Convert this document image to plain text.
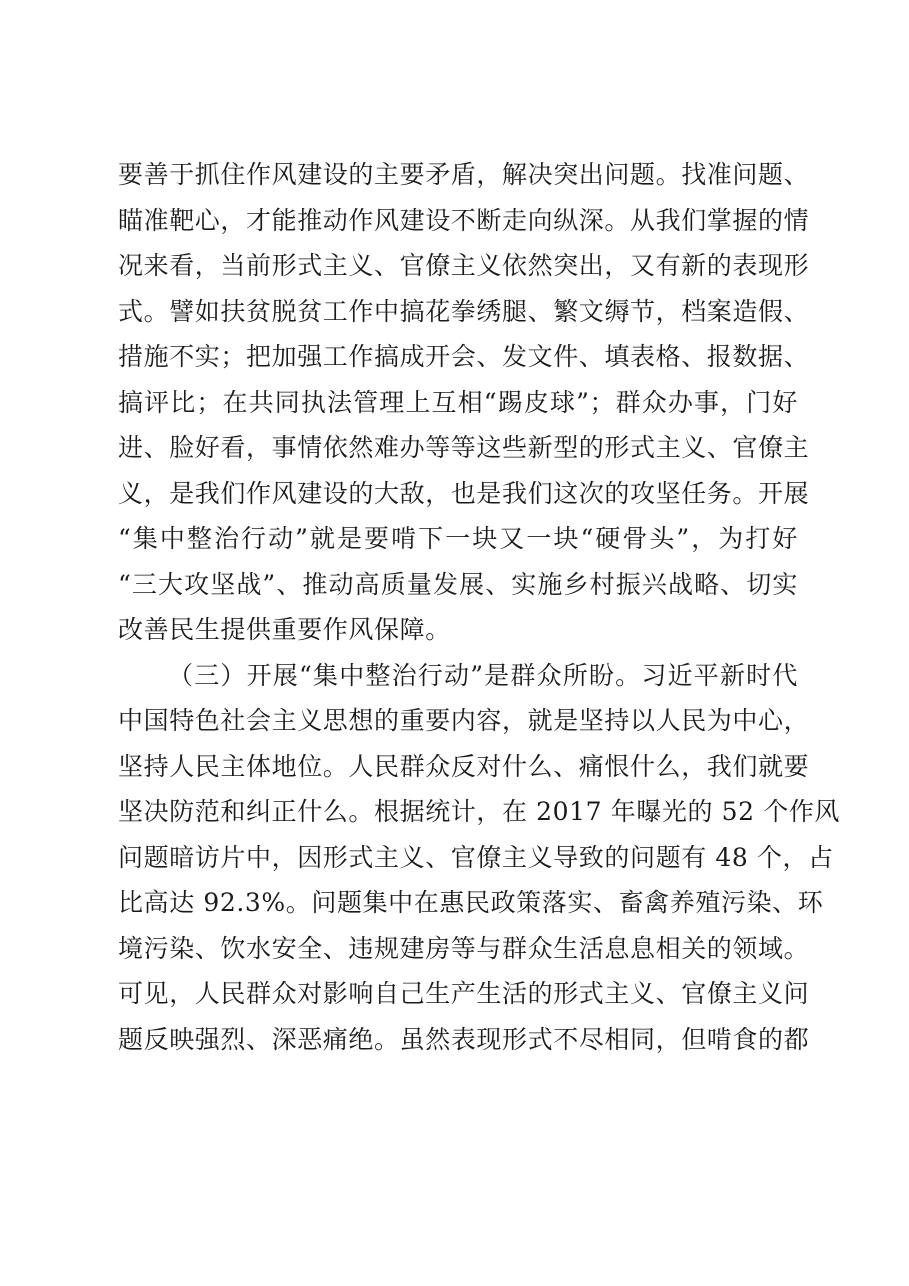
要善于抓住作风建设的主要矛盾，解决突出问题。找准问题、
瞄准靶心，才能推动作风建设不断走向纵深。从我们掌握的情
况来看，当前形式主义、官僚主义依然突出，又有新的表现形
式。譬如扶贫脱贫工作中搞花拳绣腿、繁文缛节，档案造假、
措施不实；把加强工作搞成开会、发文件、填表格、报数据、
搞评比；在共同执法管理上互相“踢皮球”；群众办事，门好
进、脸好看，事情依然难办等等这些新型的形式主义、官僚主
义，是我们作风建设的大敌，也是我们这次的攻坚任务。开展
“集中整治行动”就是要啃下一块又一块“硬骨头”，为打好
“三大攻坚战”、推动高质量发展、实施乡村振兴战略、切实
改善民生提供重要作风保障。
（三）开展“集中整治行动”是群众所盼。习近平新时代
中国特色社会主义思想的重要内容，就是坚持以人民为中心，
坚持人民主体地位。人民群众反对什么、痛恨什么，我们就要
坚决防范和纠正什么。根据统计，在 2017 年曝光的 52 个作风
问题暗访片中，因形式主义、官僚主义导致的问题有 48 个，占
比高达 92.3%。问题集中在惠民政策落实、畜禽养殖污染、环
境污染、饮水安全、违规建房等与群众生活息息相关的领域。
可见，人民群众对影响自己生产生活的形式主义、官僚主义问
题反映强烈、深恶痛绝。虽然表现形式不尽相同，但啃食的都
